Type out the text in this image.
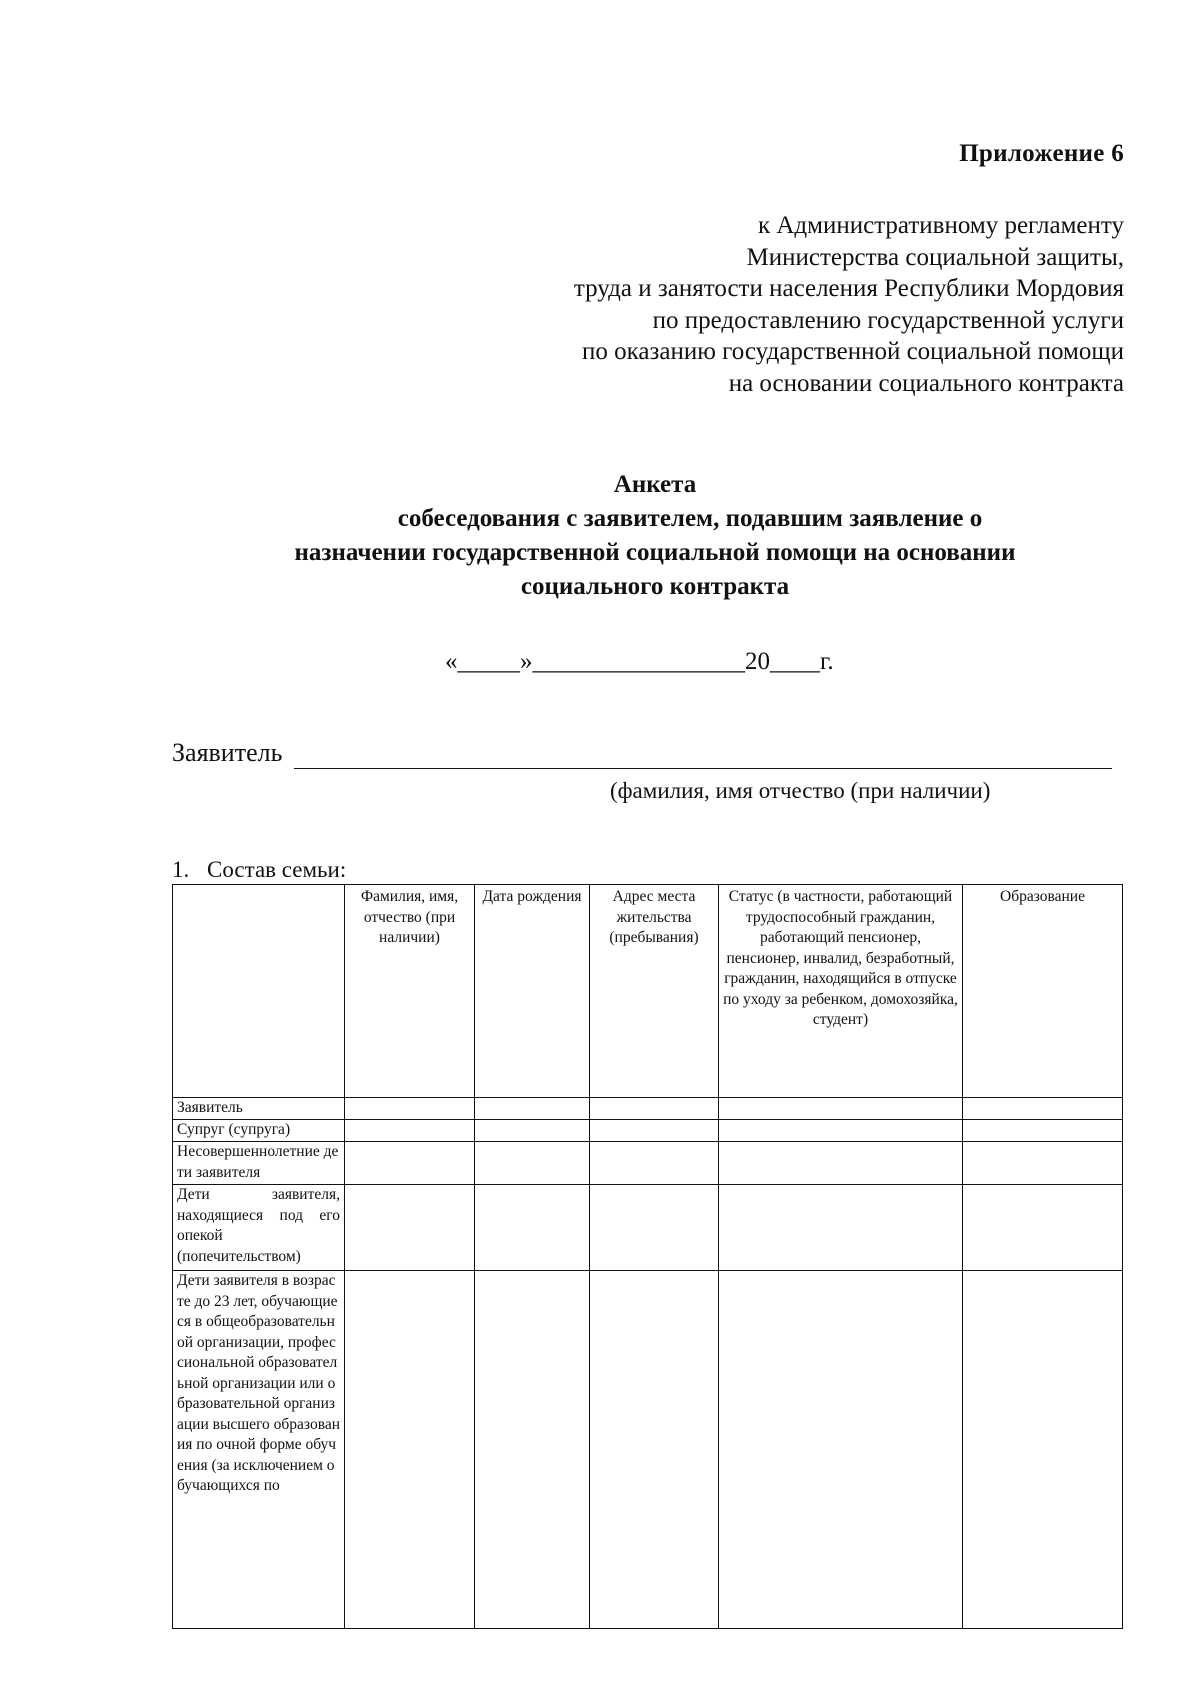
Приложение 6
к Административному регламенту
Министерства социальной защиты,
труда и занятости населения Республики Мордовия
по предоставлению государственной услуги
по оказанию государственной социальной помощи
на основании социального контракта
Анкета
собеседования с заявителем, подавшим заявление о
назначении государственной социальной помощи на основании
социального контракта
«_____»_________________20____г.
Заявитель
(фамилия, имя отчество (при наличии)
1. Состав семьи:
	Фамилия, имя, отчество (при наличии)	Дата рождения	Адрес места жительства (пребывания)	Статус (в частности, работающий трудоспособный гражданин, работающий пенсионер, пенсионер, инвалид, безработный, гражданин, находящийся в отпуске по уходу за ребенком, домохозяйка, студент)	Образование
Заявитель					
Супруг (супруга)					
Несовершеннолетние дети заявителя					
Дети заявителя, находящиеся под его опекой (попечительством)					
Дети заявителя в возрасте до 23 лет, обучающиеся в общеобразовательной организации, профессиональной образовательной организации или образовательной организации высшего образования по очной форме обучения (за исключением обучающихся по					
